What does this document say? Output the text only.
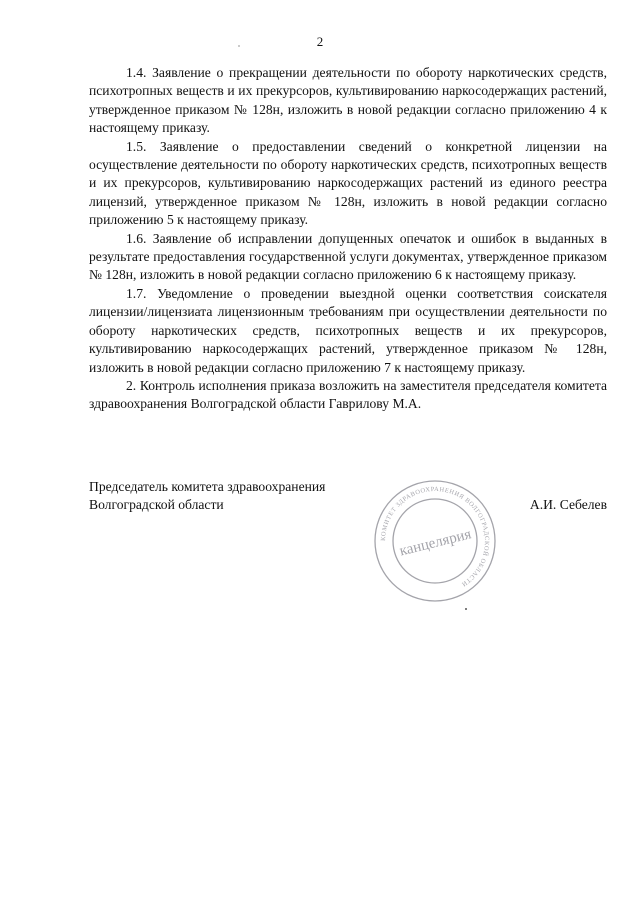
2

1.4. Заявление о прекращении деятельности по обороту наркотических средств, психотропных веществ и их прекурсоров, культивированию наркосодержащих растений, утвержденное приказом № 128н, изложить в новой редакции согласно приложению 4 к настоящему приказу.

1.5. Заявление о предоставлении сведений о конкретной лицензии на осуществление деятельности по обороту наркотических средств, психотропных веществ и их прекурсоров, культивированию наркосодержащих растений из единого реестра лицензий, утвержденное приказом № 128н, изложить в новой редакции согласно приложению 5 к настоящему приказу.

1.6. Заявление об исправлении допущенных опечаток и ошибок в выданных в результате предоставления государственной услуги документах, утвержденное приказом № 128н, изложить в новой редакции согласно приложению 6 к настоящему приказу.

1.7. Уведомление о проведении выездной оценки соответствия соискателя лицензии/лицензиата лицензионным требованиям при осуществлении деятельности по обороту наркотических средств, психотропных веществ и их прекурсоров, культивированию наркосодержащих растений, утвержденное приказом № 128н, изложить в новой редакции согласно приложению 7 к настоящему приказу.

2. Контроль исполнения приказа возложить на заместителя председателя комитета здравоохранения Волгоградской области Гаврилову М.А.

Председатель комитета здравоохранения
Волгоградской области	А.И. Себелев
КОМИТЕТ ЗДРАВООХРАНЕНИЯ ВОЛГОГРАДСКОЙ ОБЛАСТИ
канцелярия
